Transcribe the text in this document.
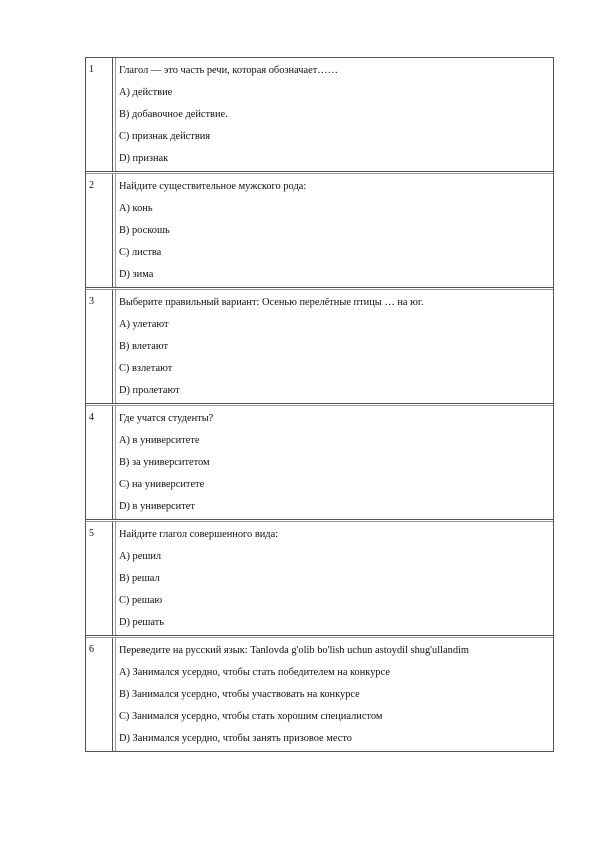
1	Глагол — это часть речи, которая обозначает……
A) действие
B) добавочное действие.
C) признак действия
D) признак
2	Найдите существительное мужского рода:
A) конь
B) роскошь
C) листва
D) зима
3	Выберите правильный вариант: Осенью перелётные птицы … на юг.
A) улетают
B) влетают
C) взлетают
D) пролетают
4	Где учатся студенты?
A) в университете
B) за университетом
C) на университете
D) в университет
5	Найдите глагол совершенного вида:
A) решил
B) решал
C) решаю
D) решать
6	Переведите на русский язык: Tanlovda g'olib bo'lish uchun astoydil shug'ullandim
A) Занимался усердно, чтобы стать победителем на конкурсе
B) Занимался усердно, чтобы участвовать на конкурсе
C) Занимался усердно, чтобы стать хорошим специалистом
D) Занимался усердно, чтобы занять призовое место
